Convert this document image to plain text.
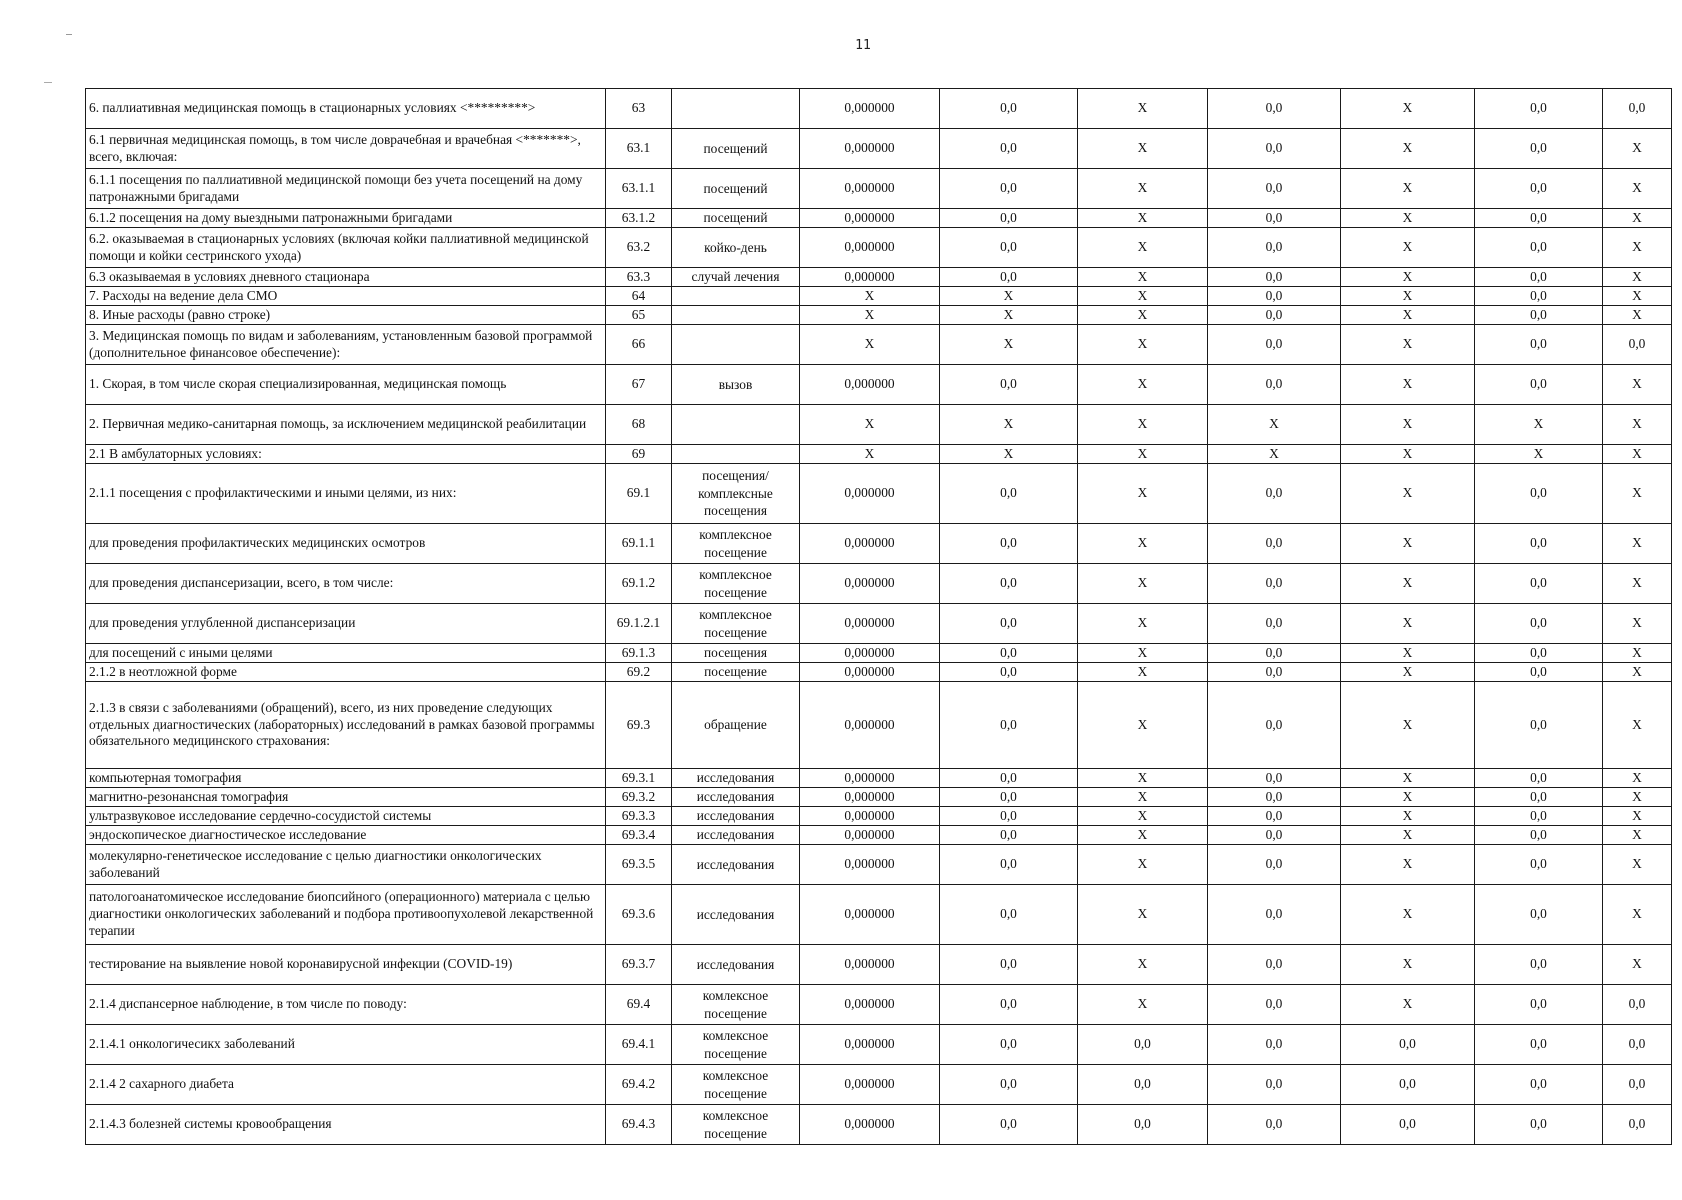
11
6. паллиативная медицинская помощь в стационарных условиях <*********>	63		0,000000	0,0	X	0,0	X	0,0	0,0
6.1 первичная медицинская помощь, в том числе доврачебная и врачебная <*******>, всего, включая:	63.1	посещений	0,000000	0,0	X	0,0	X	0,0	X
6.1.1 посещения по паллиативной медицинской помощи без учета посещений на дому патронажными бригадами	63.1.1	посещений	0,000000	0,0	X	0,0	X	0,0	X
6.1.2 посещения на дому выездными патронажными бригадами	63.1.2	посещений	0,000000	0,0	X	0,0	X	0,0	X
6.2. оказываемая в стационарных условиях (включая койки паллиативной медицинской помощи и койки сестринского ухода)	63.2	койко-день	0,000000	0,0	X	0,0	X	0,0	X
6.3 оказываемая в условиях дневного стационара	63.3	случай лечения	0,000000	0,0	X	0,0	X	0,0	X
7. Расходы на ведение дела СМО	64		X	X	X	0,0	X	0,0	X
8. Иные расходы (равно строке)	65		X	X	X	0,0	X	0,0	X
3. Медицинская помощь по видам и заболеваниям, установленным базовой программой (дополнительное финансовое обеспечение):	66		X	X	X	0,0	X	0,0	0,0
1. Скорая, в том числе скорая специализированная, медицинская помощь	67	вызов	0,000000	0,0	X	0,0	X	0,0	X
2. Первичная медико-санитарная помощь, за исключением медицинской реабилитации	68		X	X	X	X	X	X	X
2.1 В амбулаторных условиях:	69		X	X	X	X	X	X	X
2.1.1 посещения с профилактическими и иными целями, из них:	69.1	посещения/комплексные посещения	0,000000	0,0	X	0,0	X	0,0	X
для проведения профилактических медицинских осмотров	69.1.1	комплексное посещение	0,000000	0,0	X	0,0	X	0,0	X
для проведения диспансеризации, всего, в том числе:	69.1.2	комплексное посещение	0,000000	0,0	X	0,0	X	0,0	X
для проведения углубленной диспансеризации	69.1.2.1	комплексное посещение	0,000000	0,0	X	0,0	X	0,0	X
для посещений с иными целями	69.1.3	посещения	0,000000	0,0	X	0,0	X	0,0	X
2.1.2 в неотложной форме	69.2	посещение	0,000000	0,0	X	0,0	X	0,0	X
2.1.3 в связи с заболеваниями (обращений), всего, из них проведение следующих отдельных диагностических (лабораторных) исследований в рамках базовой программы обязательного медицинского страхования:	69.3	обращение	0,000000	0,0	X	0,0	X	0,0	X
компьютерная томография	69.3.1	исследования	0,000000	0,0	X	0,0	X	0,0	X
магнитно-резонансная томография	69.3.2	исследования	0,000000	0,0	X	0,0	X	0,0	X
ультразвуковое исследование сердечно-сосудистой системы	69.3.3	исследования	0,000000	0,0	X	0,0	X	0,0	X
эндоскопическое диагностическое исследование	69.3.4	исследования	0,000000	0,0	X	0,0	X	0,0	X
молекулярно-генетическое исследование с целью диагностики онкологических заболеваний	69.3.5	исследования	0,000000	0,0	X	0,0	X	0,0	X
патологоанатомическое исследование биопсийного (операционного) материала с целью диагностики онкологических заболеваний и подбора противоопухолевой лекарственной терапии	69.3.6	исследования	0,000000	0,0	X	0,0	X	0,0	X
тестирование на выявление новой коронавирусной инфекции (COVID-19)	69.3.7	исследования	0,000000	0,0	X	0,0	X	0,0	X
2.1.4 диспансерное наблюдение, в том числе по поводу:	69.4	комлексное посещение	0,000000	0,0	X	0,0	X	0,0	0,0
2.1.4.1 онкологичесикх заболеваний	69.4.1	комлексное посещение	0,000000	0,0	0,0	0,0	0,0	0,0	0,0
2.1.4 2 сахарного диабета	69.4.2	комлексное посещение	0,000000	0,0	0,0	0,0	0,0	0,0	0,0
2.1.4.3 болезней системы кровообращения	69.4.3	комлексное посещение	0,000000	0,0	0,0	0,0	0,0	0,0	0,0
